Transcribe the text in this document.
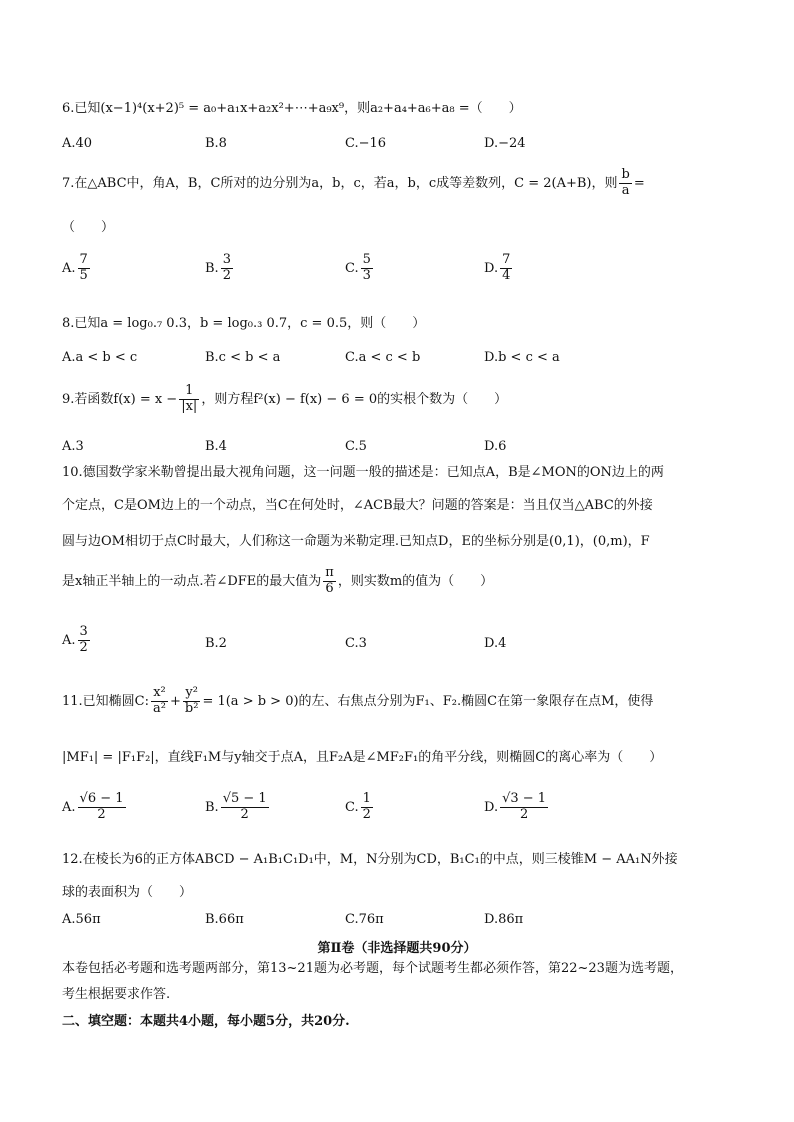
6.已知(x−1)⁴(x+2)⁵ = a₀+a₁x+a₂x²+⋯+a₉x⁹，则a₂+a₄+a₆+a₈ =（　　）
A.40	B.8	C.−16	D.−24
7.在△ABC中，角A，B，C所对的边分别为a，b，c，若a，b，c成等差数列，C = 2(A+B)，则 $\frac{b}{a}$ =
（　　）
A. $\frac{7}{5}$	B. $\frac{3}{2}$	C. $\frac{5}{3}$	D. $\frac{7}{4}$
8.已知a = log₀.₇ 0.3，b = log₀.₃ 0.7，c = 0.5，则（　　）
A.a < b < c	B.c < b < a	C.a < c < b	D.b < c < a
9.若函数$f(x) = x - \frac{1}{|x|}$ ，则方程f²(x) − f(x) − 6 = 0的实根个数为（　　）
A.3	B.4	C.5	D.6
10.德国数学家米勒曾提出最大视角问题，这一问题一般的描述是：已知点A，B是∠MON的ON边上的两
个定点，C是OM边上的一个动点，当C在何处时，∠ACB最大？问题的答案是：当且仅当△ABC的外接
圆与边OM相切于点C时最大，人们称这一命题为米勒定理.已知点D，E的坐标分别是(0,1)，(0,m)，F
是x轴正半轴上的一动点.若∠DFE的最大值为 $\frac{\pi}{6}$ ，则实数m的值为（　　）
A. $\frac{3}{2}$	B.2	C.3	D.4
11.已知椭圆C: $\frac{\text{x²}}{\text{a²}} + \frac{\text{y²}}{\text{b²}} = 1(a > b > 0)$的左、右焦点分别为F₁、F₂.椭圆C在第一象限存在点M，使得
|MF₁| = |F₁F₂|，直线F₁M与y轴交于点A，且F₂A是∠MF₂F₁的角平分线，则椭圆C的离心率为（　　）
A. $\frac{√6 - 1}{2}$	B. $\frac{√5 - 1}{2}$	C. $\frac{1}{2}$	D. $\frac{√3 - 1}{2}$
12.在棱长为6的正方体ABCD − A₁B₁C₁D₁中，M，N分别为CD，B₁C₁的中点，则三棱锥M − AA₁N外接
球的表面积为（　　）
A.56π	B.66π	C.76π	D.86π
第Ⅱ卷（非选择题共90分）
本卷包括必考题和选考题两部分，第13~21题为必考题，每个试题考生都必须作答，第22~23题为选考题，
考生根据要求作答.
二、填空题：本题共4小题，每小题5分，共20分.
